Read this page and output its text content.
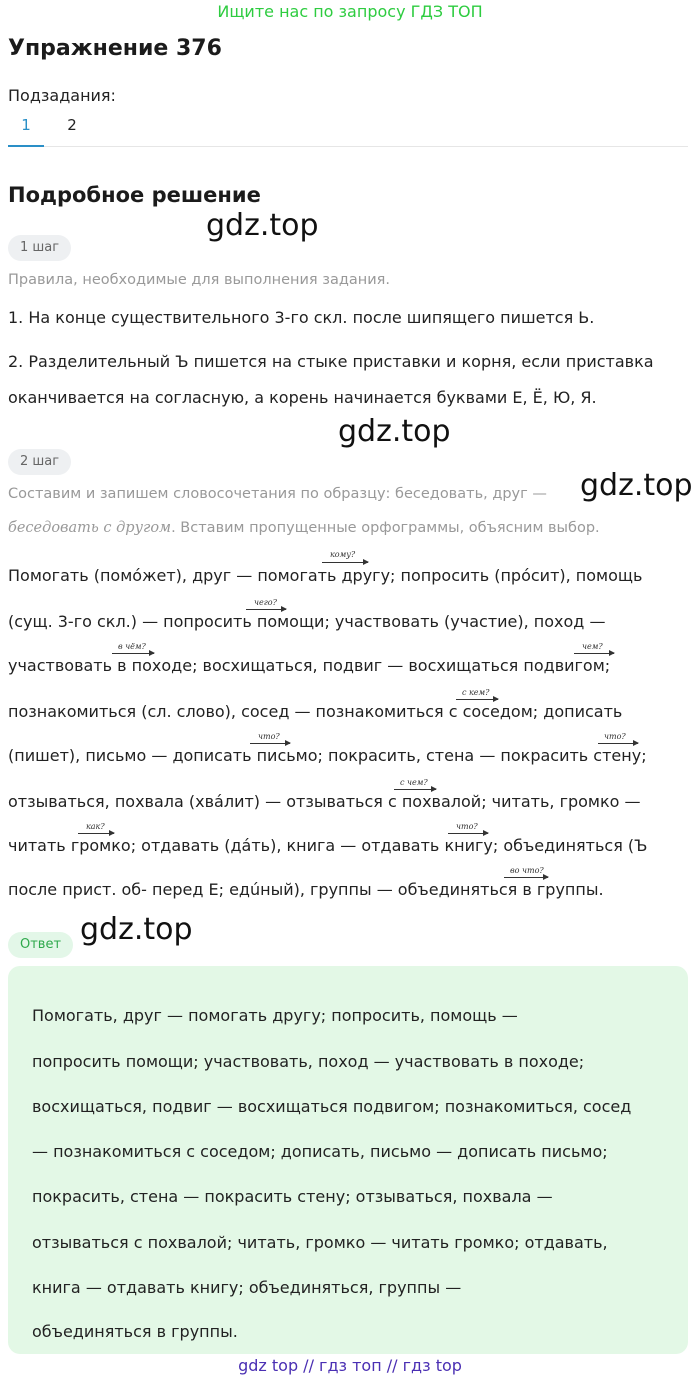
Ищите нас по запросу ГДЗ ТОП
Упражнение 376
Подзадания:
1	2
Подробное решение
gdz.top
gdz.top
gdz.top
gdz.top
1 шаг
Правила, необходимые для выполнения задания.
1. На конце существительного 3-го скл. после шипящего пишется Ь.
2. Разделительный Ъ пишется на стыке приставки и корня, если приставка оканчивается на согласную, а корень начинается буквами Е, Ё, Ю, Я.
2 шаг
Составим и запишем словосочетания по образцу: беседовать, друг —
беседовать с другом. Вставим пропущенные орфограммы, объясним выбор.
Помогать (помóжет), друг — помогать другу; попросить (прóсит), помощь
(сущ. 3-го скл.) — попросить помощи; участвовать (участие), поход —
участвовать в походе; восхищаться, подвиг — восхищаться подвигом;
познакомиться (сл. слово), сосед — познакомиться с соседом; дописать
(пишет), письмо — дописать письмо; покрасить, стена — покрасить стену;
отзываться, похвала (хвáлит) — отзываться с похвалой; читать, громко —
читать громко; отдавать (дáть), книга — отдавать книгу; объединяться (Ъ
после прист. об- перед Е; едúный), группы — объединяться в группы.
кому?
чего?
в чём?	чем?
с кем?
что?	что?
с чем?
как?	что?
во что?
Ответ
Помогать, друг — помогать другу; попросить, помощь —
попросить помощи; участвовать, поход — участвовать в походе;
восхищаться, подвиг — восхищаться подвигом; познакомиться, сосед
— познакомиться с соседом; дописать, письмо — дописать письмо;
покрасить, стена — покрасить стену; отзываться, похвала —
отзываться с похвалой; читать, громко — читать громко; отдавать,
книга — отдавать книгу; объединяться, группы —
объединяться в группы.
gdz top // гдз топ // гдз top
